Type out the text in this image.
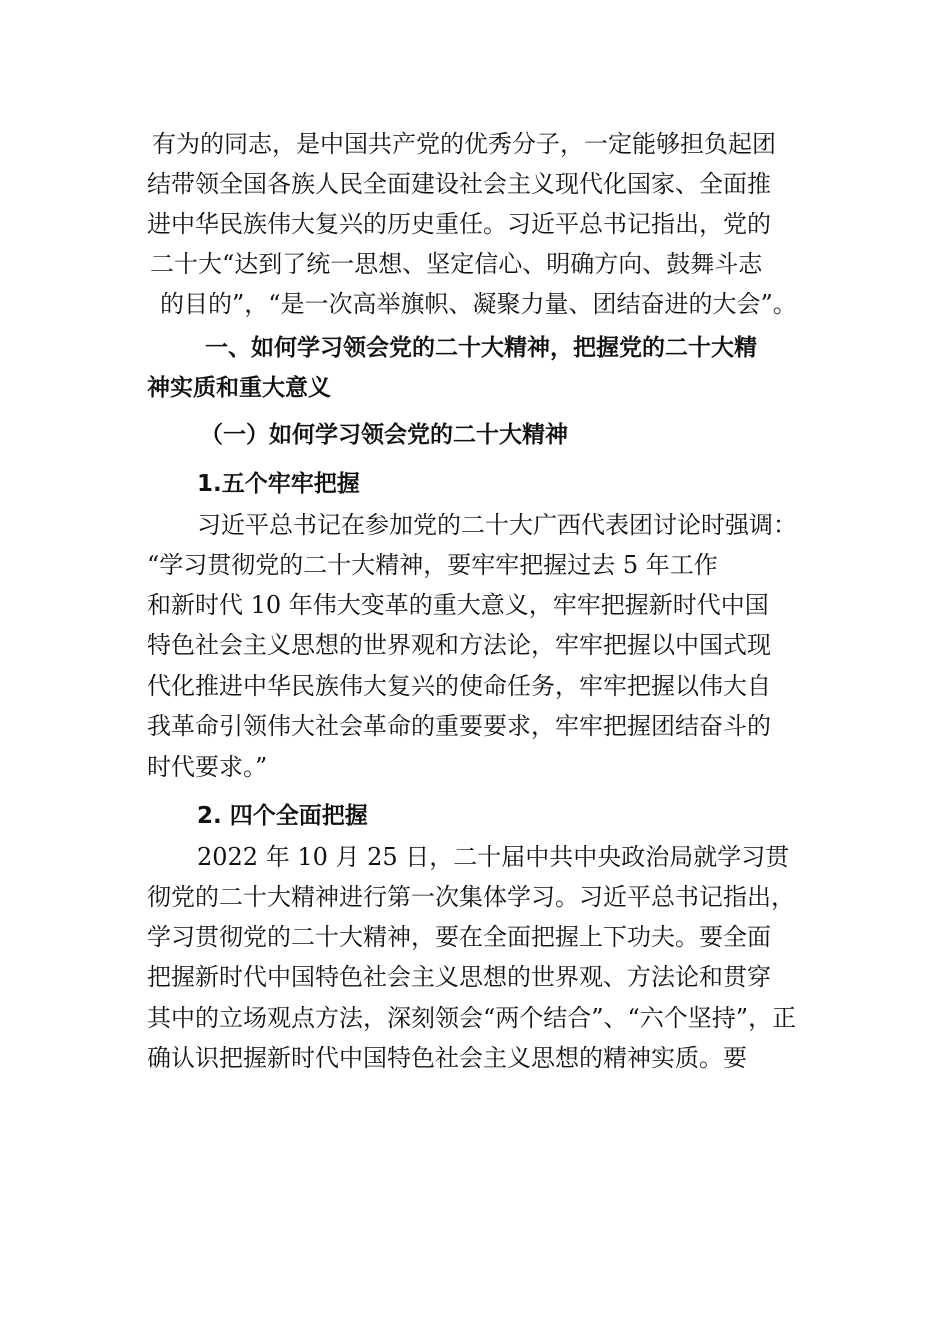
有为的同志，是中国共产党的优秀分子，一定能够担负起团
结带领全国各族人民全面建设社会主义现代化国家、全面推
进中华民族伟大复兴的历史重任。习近平总书记指出，党的
二十大“达到了统一思想、坚定信心、明确方向、鼓舞斗志
的目的”，“是一次高举旗帜、凝聚力量、团结奋进的大会”。
一、如何学习领会党的二十大精神，把握党的二十大精
神实质和重大意义
（一）如何学习领会党的二十大精神
1.五个牢牢把握
习近平总书记在参加党的二十大广西代表团讨论时强调：
“学习贯彻党的二十大精神，要牢牢把握过去 5 年工作
和新时代 10 年伟大变革的重大意义，牢牢把握新时代中国
特色社会主义思想的世界观和方法论，牢牢把握以中国式现
代化推进中华民族伟大复兴的使命任务，牢牢把握以伟大自
我革命引领伟大社会革命的重要要求，牢牢把握团结奋斗的
时代要求。”
2. 四个全面把握
2022 年 10 月 25 日，二十届中共中央政治局就学习贯
彻党的二十大精神进行第一次集体学习。习近平总书记指出，
学习贯彻党的二十大精神，要在全面把握上下功夫。要全面
把握新时代中国特色社会主义思想的世界观、方法论和贯穿
其中的立场观点方法，深刻领会“两个结合”、“六个坚持”，正
确认识把握新时代中国特色社会主义思想的精神实质。要
